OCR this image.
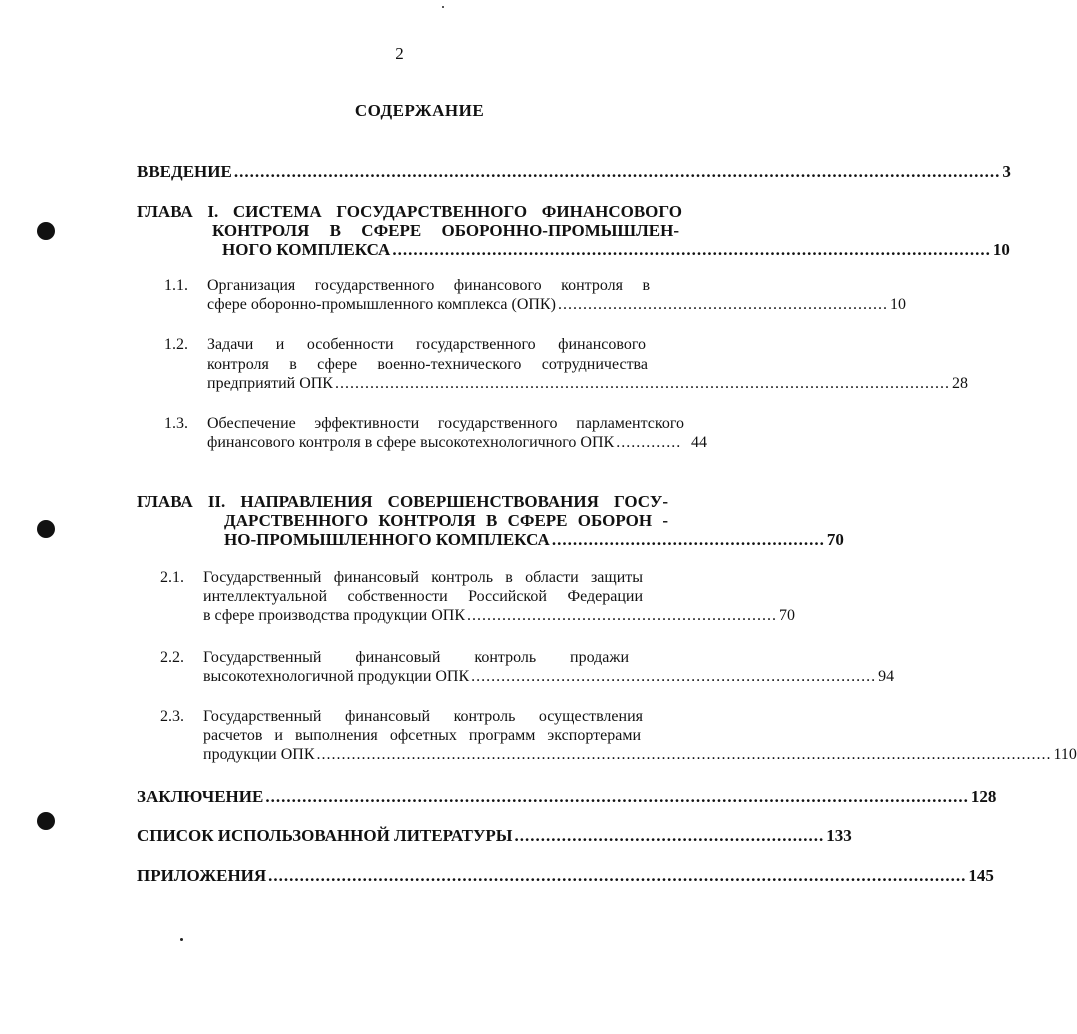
2
СОДЕРЖАНИЕ
ВВЕДЕНИЕ .................................................................................................................................................. 3
ГЛАВА I. СИСТЕМА ГОСУДАРСТВЕННОГО ФИНАНСОВОГО
КОНТРОЛЯ В СФЕРЕ ОБОРОННО-ПРОМЫШЛЕН-
НОГО КОМПЛЕКСА .................................................................................................................. 10
1.1. Организация государственного финансового контроля в
сфере оборонно-промышленного комплекса (ОПК) .................................................................. 10
1.2. Задачи и особенности государственного финансового
контроля в сфере военно-технического сотрудничества
предприятий ОПК ........................................................................................................................... 28
1.3. Обеспечение эффективности государственного парламентского
финансового контроля в сфере высокотехнологичного ОПК ............. 44
ГЛАВА II. НАПРАВЛЕНИЯ СОВЕРШЕНСТВОВАНИЯ ГОСУ-
ДАРСТВЕННОГО КОНТРОЛЯ В СФЕРЕ ОБОРОН -
НО-ПРОМЫШЛЕННОГО КОМПЛЕКСА .................................................... 70
2.1. Государственный финансовый контроль в области защиты
интеллектуальной собственности Российской Федерации
в сфере производства продукции ОПК .............................................................. 70
2.2. Государственный финансовый контроль продажи
высокотехнологичной продукции ОПК ................................................................................. 94
2.3. Государственный финансовый контроль осуществления
расчетов и выполнения офсетных программ экспортерами
продукции ОПК ................................................................................................................................................... 110
ЗАКЛЮЧЕНИЕ ...................................................................................................................................... 128
СПИСОК ИСПОЛЬЗОВАННОЙ ЛИТЕРАТУРЫ ........................................................... 133
ПРИЛОЖЕНИЯ ..................................................................................................................................... 145
